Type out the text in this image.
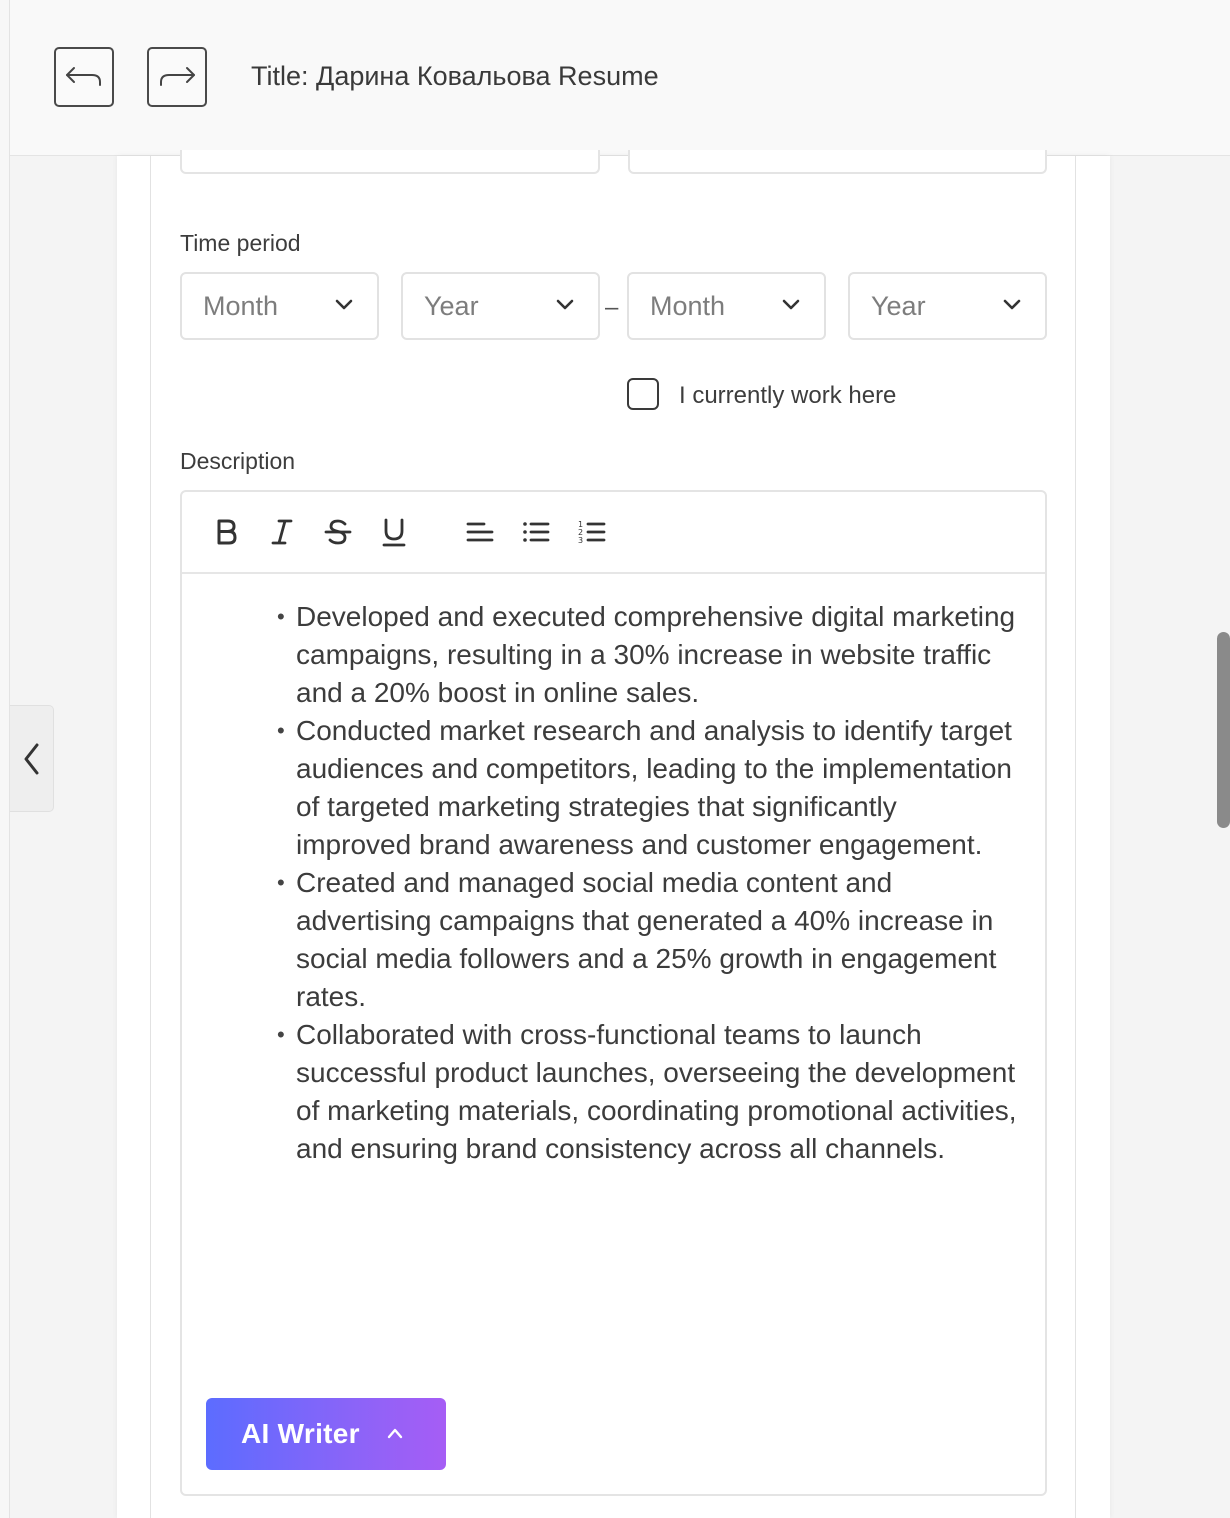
Title: Дарина Ковальова Resume
Time period
Month	Year	– Month	Year
I currently work here
Description
1
2
3
• Developed and executed comprehensive digital marketing campaigns, resulting in a 30% increase in website traffic and a 20% boost in online sales.
• Conducted market research and analysis to identify target audiences and competitors, leading to the implementation of targeted marketing strategies that significantly improved brand awareness and customer engagement.
• Created and managed social media content and advertising campaigns that generated a 40% increase in social media followers and a 25% growth in engagement rates.
• Collaborated with cross-functional teams to launch successful product launches, overseeing the development of marketing materials, coordinating promotional activities, and ensuring brand consistency across all channels.
AI Writer
